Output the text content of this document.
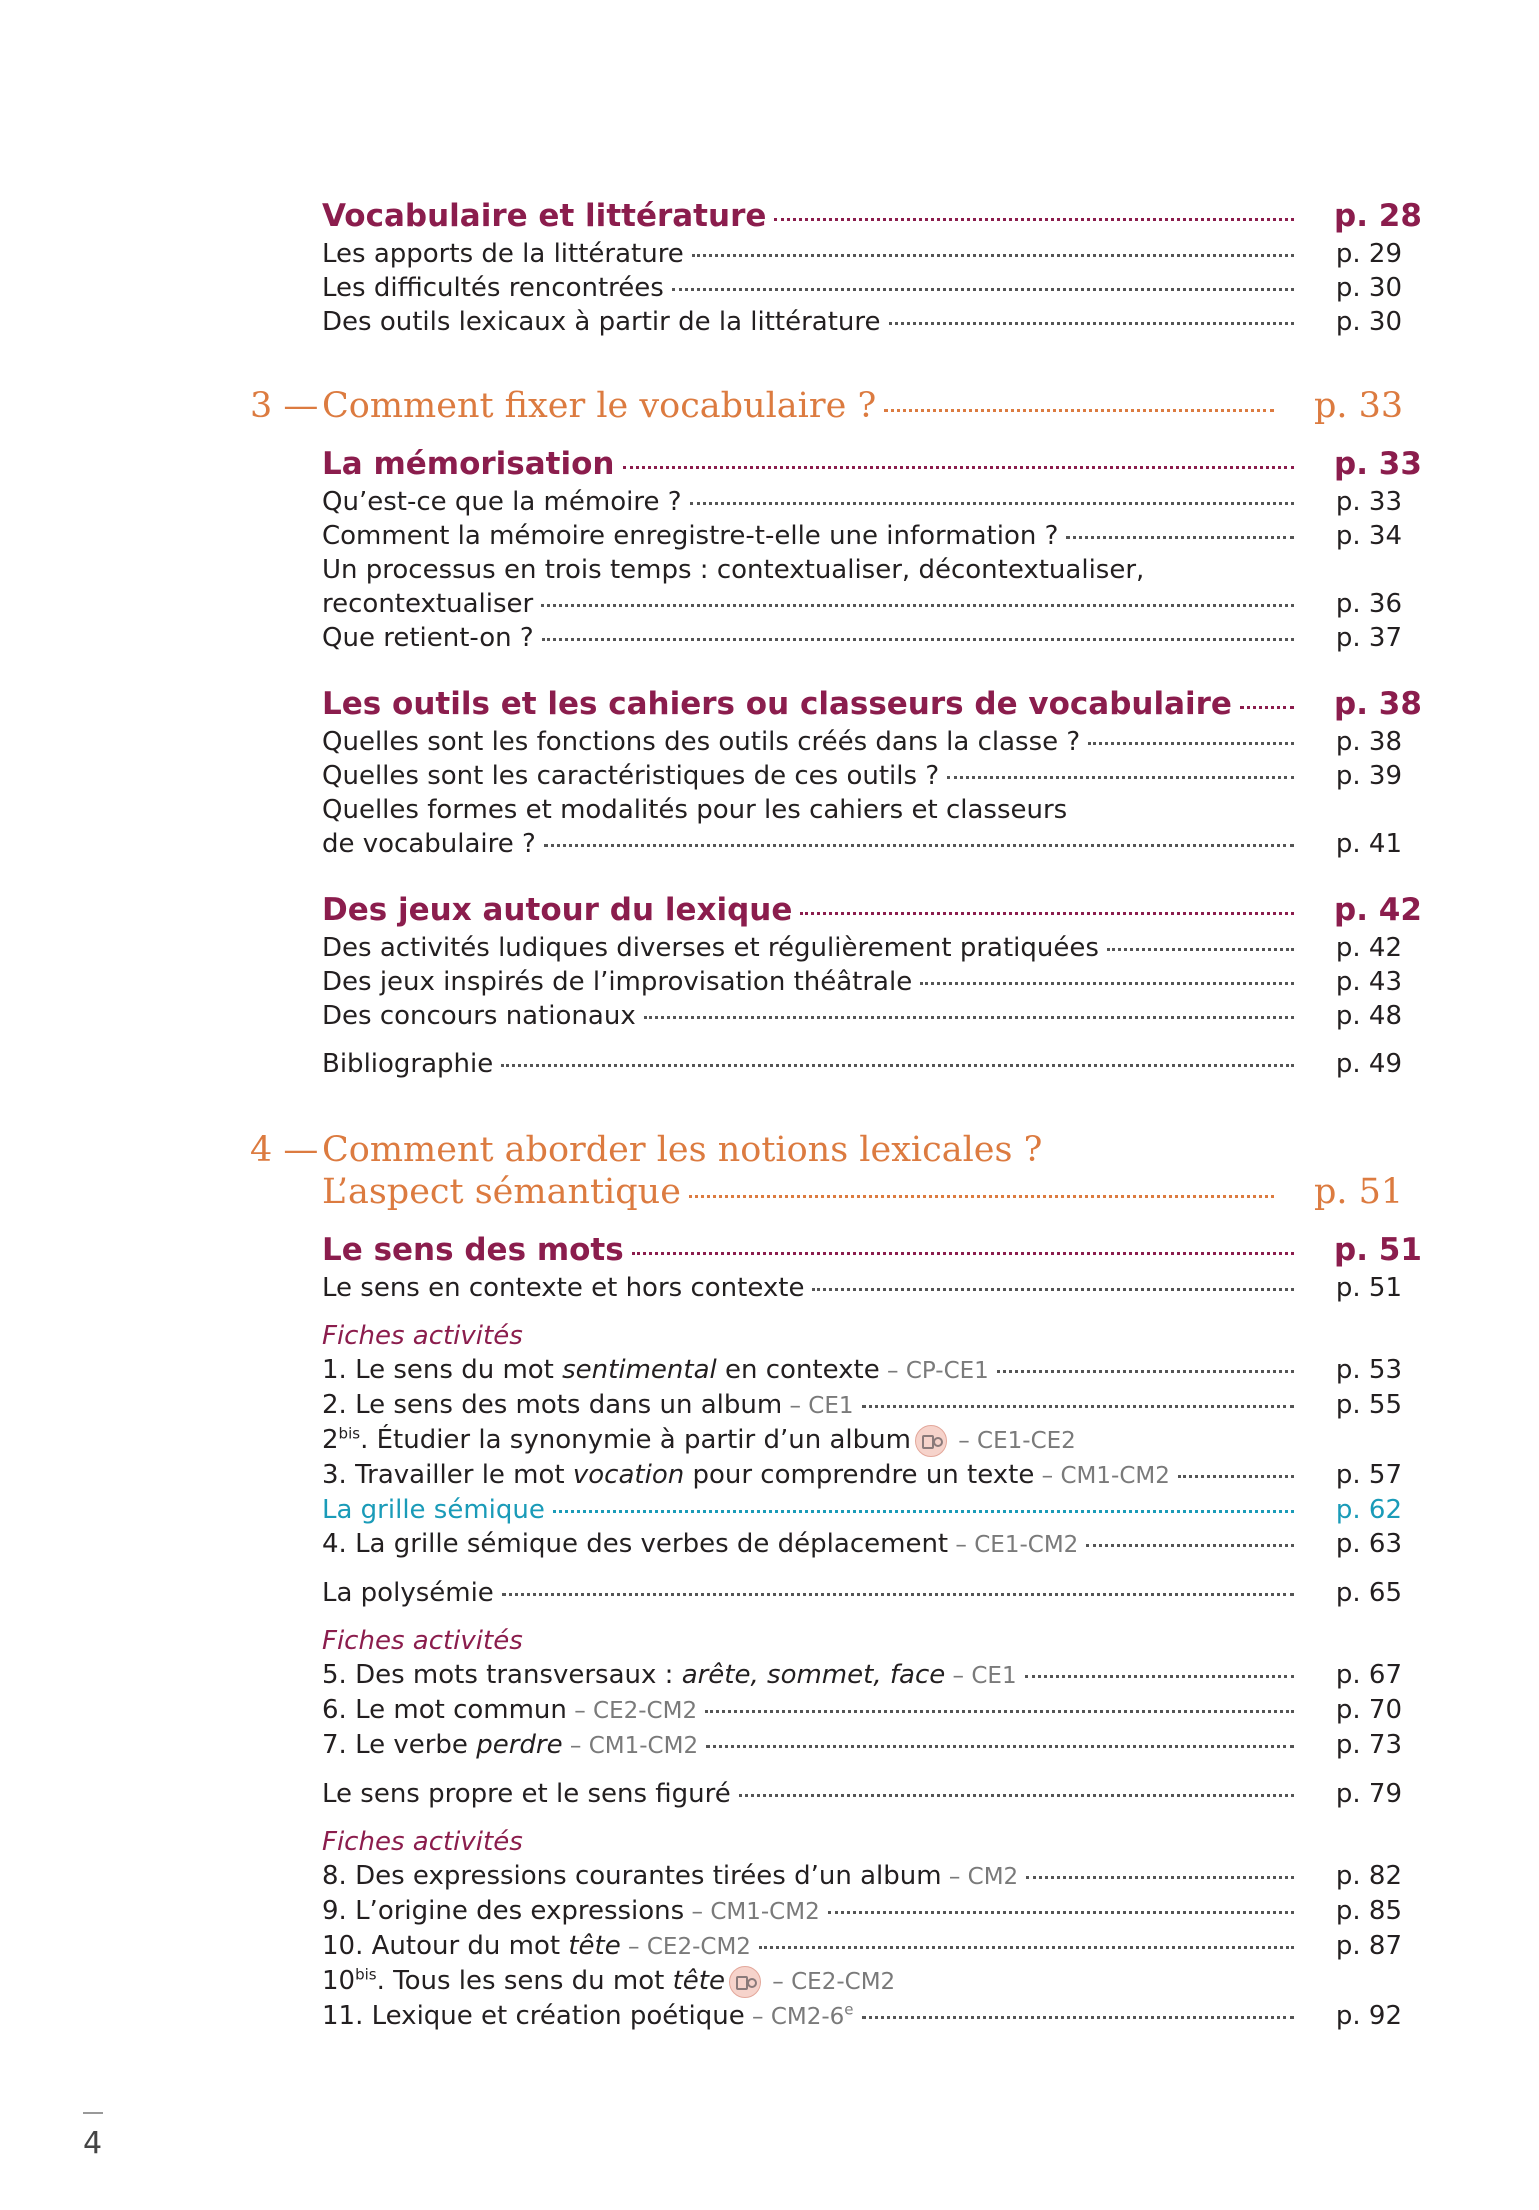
Vocabulaire et littérature	p. 28
Les apports de la littérature	p. 29
Les difficultés rencontrées	p. 30
Des outils lexicaux à partir de la littérature	p. 30
3 — Comment fixer le vocabulaire ?	p. 33
La mémorisation	p. 33
Qu’est-ce que la mémoire ?	p. 33
Comment la mémoire enregistre-t-elle une information ?	p. 34
Un processus en trois temps : contextualiser, décontextualiser,
recontextualiser	p. 36
Que retient-on ?	p. 37
Les outils et les cahiers ou classeurs de vocabulaire	p. 38
Quelles sont les fonctions des outils créés dans la classe ?	p. 38
Quelles sont les caractéristiques de ces outils ?	p. 39
Quelles formes et modalités pour les cahiers et classeurs
de vocabulaire ?	p. 41
Des jeux autour du lexique	p. 42
Des activités ludiques diverses et régulièrement pratiquées	p. 42
Des jeux inspirés de l’improvisation théâtrale	p. 43
Des concours nationaux	p. 48
Bibliographie	p. 49
4 — Comment aborder les notions lexicales ?
L’aspect sémantique	p. 51
Le sens des mots	p. 51
Le sens en contexte et hors contexte	p. 51
Fiches activités
1. Le sens du mot sentimental en contexte – CP-CE1	p. 53
2. Le sens des mots dans un album – CE1	p. 55
$2^{bis}$. Étudier la synonymie à partir d’un album – CE1-CE2
3. Travailler le mot vocation pour comprendre un texte – CM1-CM2	p. 57
La grille sémique	p. 62
4. La grille sémique des verbes de déplacement – CE1-CM2	p. 63
La polysémie	p. 65
Fiches activités
5. Des mots transversaux : arête, sommet, face – CE1	p. 67
6. Le mot commun – CE2-CM2	p. 70
7. Le verbe perdre – CM1-CM2	p. 73
Le sens propre et le sens figuré	p. 79
Fiches activités
8. Des expressions courantes tirées d’un album – CM2	p. 82
9. L’origine des expressions – CM1-CM2	p. 85
10. Autour du mot tête – CE2-CM2	p. 87
$10^{bis}$. Tous les sens du mot tête – CE2-CM2
11. Lexique et création poétique – CM2-6e	p. 92
4
